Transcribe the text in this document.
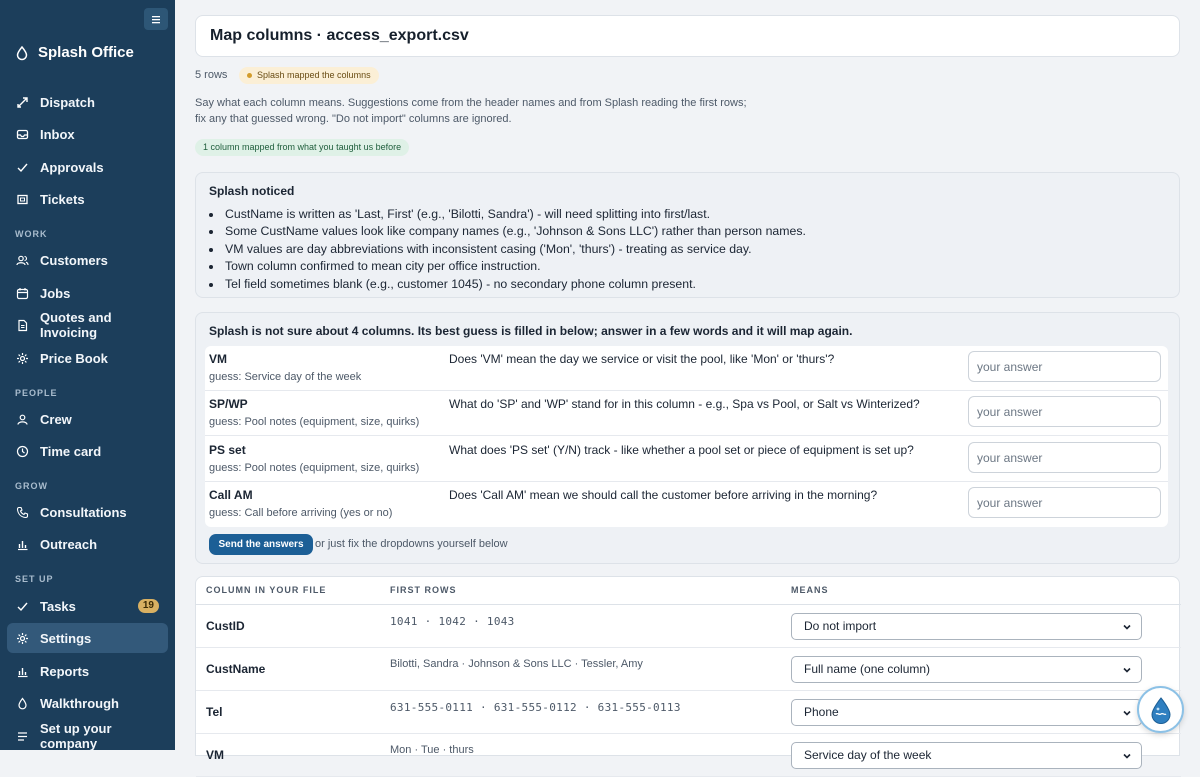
Splash Office
Dispatch
Inbox
Approvals
Tickets
WORK
Customers
Jobs
Quotes and Invoicing
Price Book
PEOPLE
Crew
Time card
GROW
Consultations
Outreach
SET UP
Tasks	19
Settings
Reports
Walkthrough
Set up your company
Map columns · access_export.csv
5 rows	Splash mapped the columns
Say what each column means. Suggestions come from the header names and from Splash reading the first rows; fix any that guessed wrong. "Do not import" columns are ignored.
1 column mapped from what you taught us before
Splash noticed
• CustName is written as 'Last, First' (e.g., 'Bilotti, Sandra') - will need splitting into first/last.
• Some CustName values look like company names (e.g., 'Johnson & Sons LLC') rather than person names.
• VM values are day abbreviations with inconsistent casing ('Mon', 'thurs') - treating as service day.
• Town column confirmed to mean city per office instruction.
• Tel field sometimes blank (e.g., customer 1045) - no secondary phone column present.
Splash is not sure about 4 columns. Its best guess is filled in below; answer in a few words and it will map again.
VM
guess: Service day of the week
Does 'VM' mean the day we service or visit the pool, like 'Mon' or 'thurs'?
your answer
SP/WP
guess: Pool notes (equipment, size, quirks)
What do 'SP' and 'WP' stand for in this column - e.g., Spa vs Pool, or Salt vs Winterized?
your answer
PS set
guess: Pool notes (equipment, size, quirks)
What does 'PS set' (Y/N) track - like whether a pool set or piece of equipment is set up?
your answer
Call AM
guess: Call before arriving (yes or no)
Does 'Call AM' mean we should call the customer before arriving in the morning?
your answer
Send the answers	or just fix the dropdowns yourself below
COLUMN IN YOUR FILE	FIRST ROWS	MEANS
CustID	1041 · 1042 · 1043	Do not import
CustName	Bilotti, Sandra · Johnson & Sons LLC · Tessler, Amy	Full name (one column)
Tel	631-555-0111 · 631-555-0112 · 631-555-0113	Phone
VM	Mon · Tue · thurs	Service day of the week
